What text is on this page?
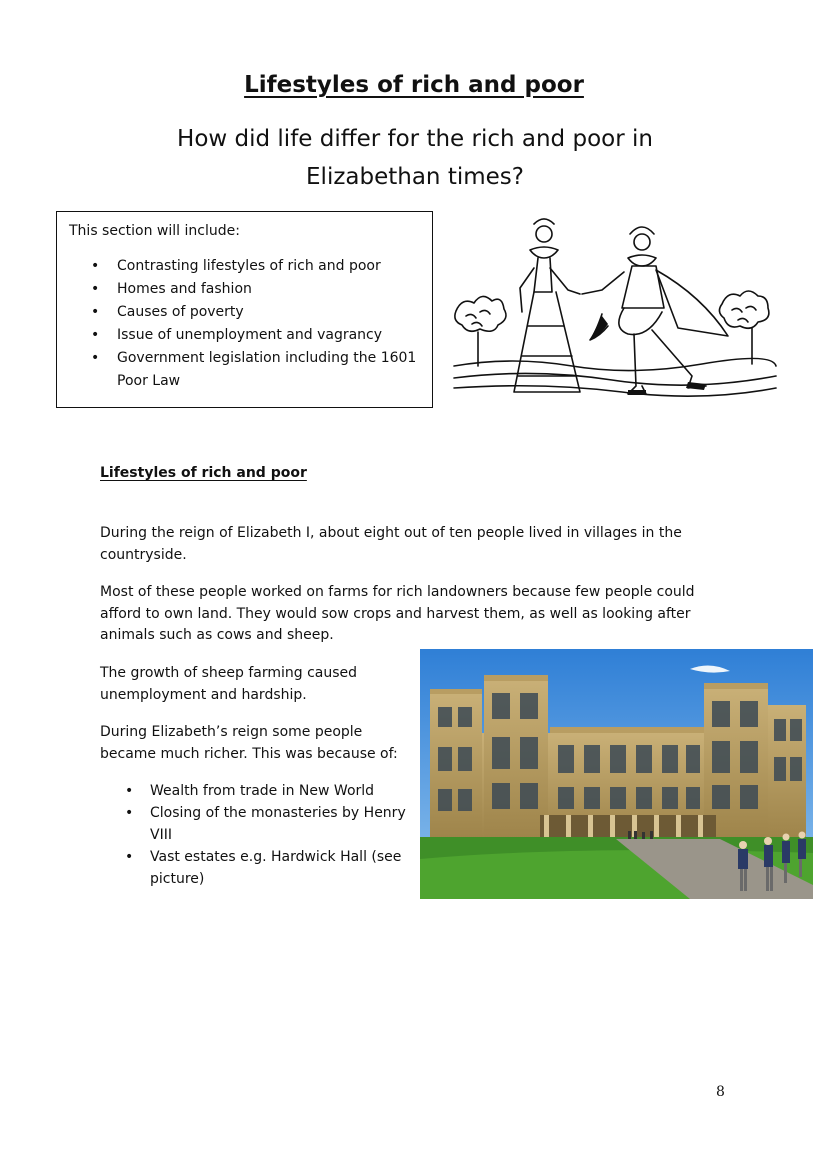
Lifestyles of rich and poor
How did life differ for the rich and poor in Elizabethan times?
This section will include:
• Contrasting lifestyles of rich and poor
• Homes and fashion
• Causes of poverty
• Issue of unemployment and vagrancy
• Government legislation including the 1601 Poor Law
Lifestyles of rich and poor

During the reign of Elizabeth I, about eight out of ten people lived in villages in the countryside.

Most of these people worked on farms for rich landowners because few people could afford to own land. They would sow crops and harvest them, as well as looking after animals such as cows and sheep.

The growth of sheep farming caused unemployment and hardship.

During Elizabeth’s reign some people became much richer. This was because of:

• Wealth from trade in New World
• Closing of the monasteries by Henry VIII
• Vast estates e.g. Hardwick Hall (see picture)
8
